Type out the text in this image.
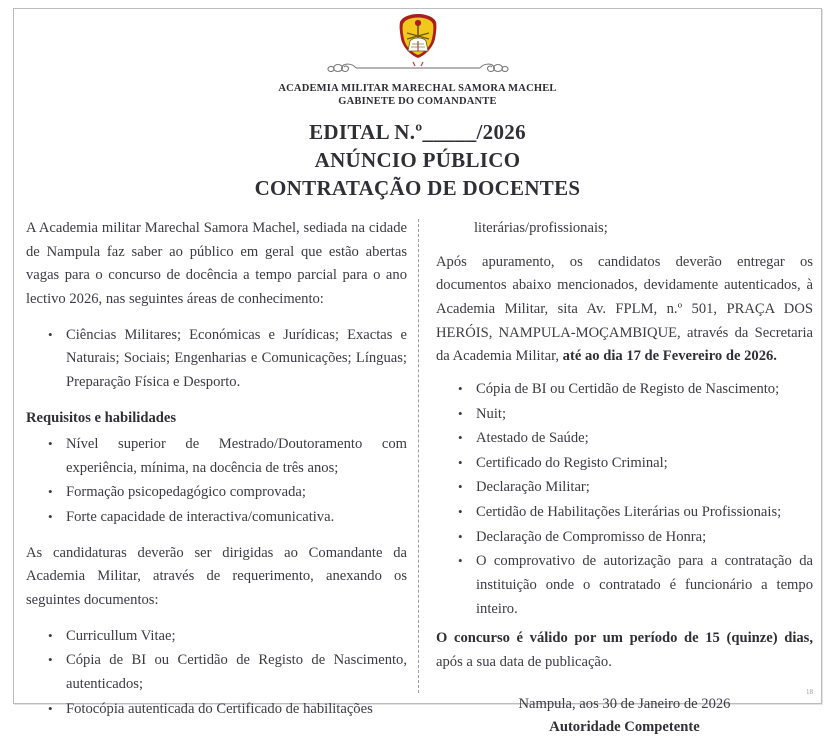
ACADEMIA MILITAR MARECHAL SAMORA MACHEL
GABINETE DO COMANDANTE
EDITAL N.º_____/2026
ANÚNCIO PÚBLICO
CONTRATAÇÃO DE DOCENTES

A Academia militar Marechal Samora Machel, sediada na cidade de Nampula faz saber ao público em geral que estão abertas vagas para o concurso de docência a tempo parcial para o ano lectivo 2026, nas seguintes áreas de conhecimento:

• Ciências Militares; Económicas e Jurídicas; Exactas e Naturais; Sociais; Engenharias e Comunicações; Línguas; Preparação Física e Desporto.
Requisitos e habilidades
• Nível superior de Mestrado/Doutoramento com experiência, mínima, na docência de três anos;
• Formação psicopedagógico comprovada;
• Forte capacidade de interactiva/comunicativa.

As candidaturas deverão ser dirigidas ao Comandante da Academia Militar, através de requerimento, anexando os seguintes documentos:

• Curricullum Vitae;
• Cópia de BI ou Certidão de Registo de Nascimento, autenticados;
• Fotocópia autenticada do Certificado de habilitações
literárias/profissionais;

Após apuramento, os candidatos deverão entregar os documentos abaixo mencionados, devidamente autenticados, à Academia Militar, sita Av. FPLM, n.º 501, PRAÇA DOS HERÓIS, NAMPULA-MOÇAMBIQUE, através da Secretaria da Academia Militar, até ao dia 17 de Fevereiro de 2026.

• Cópia de BI ou Certidão de Registo de Nascimento;
• Nuit;
• Atestado de Saúde;
• Certificado do Registo Criminal;
• Declaração Militar;
• Certidão de Habilitações Literárias ou Profissionais;
• Declaração de Compromisso de Honra;
• O comprovativo de autorização para a contratação da instituição onde o contratado é funcionário a tempo inteiro.

O concurso é válido por um período de 15 (quinze) dias, após a sua data de publicação.

Nampula, aos 30 de Janeiro de 2026
Autoridade Competente
18
